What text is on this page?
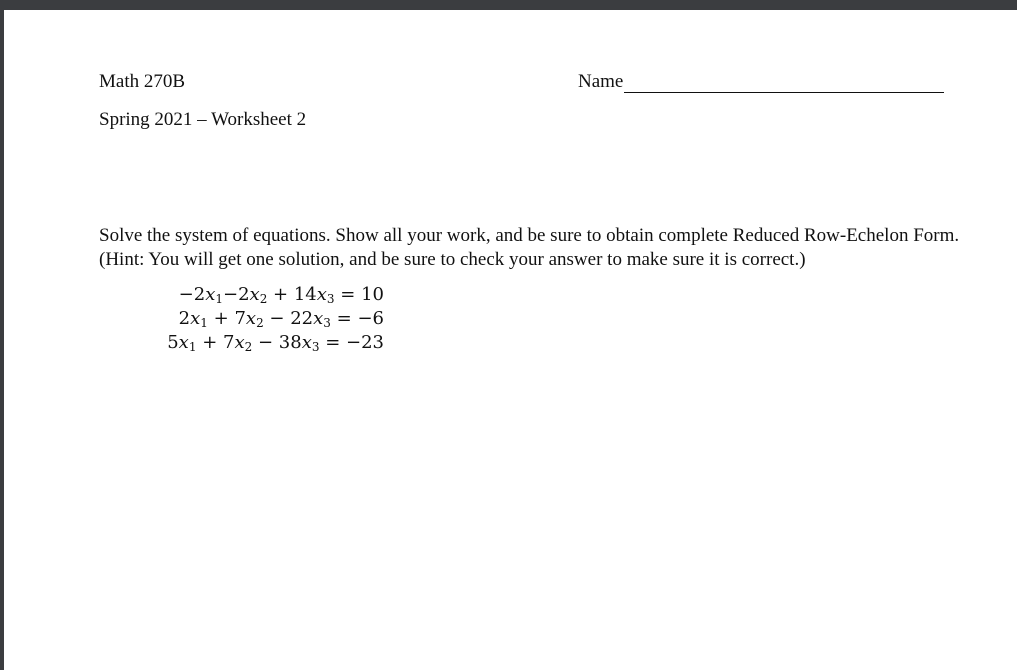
Math 270B
Spring 2021 – Worksheet 2
Name
Solve the system of equations. Show all your work, and be sure to obtain complete Reduced Row-Echelon Form. (Hint: You will get one solution, and be sure to check your answer to make sure it is correct.)
$-2x_1-2x_2 + 14x_3 = 10$
$2x_1 + 7x_2 - 22x_3 = -6$
$5x_1 + 7x_2 - 38x_3 = -23$
